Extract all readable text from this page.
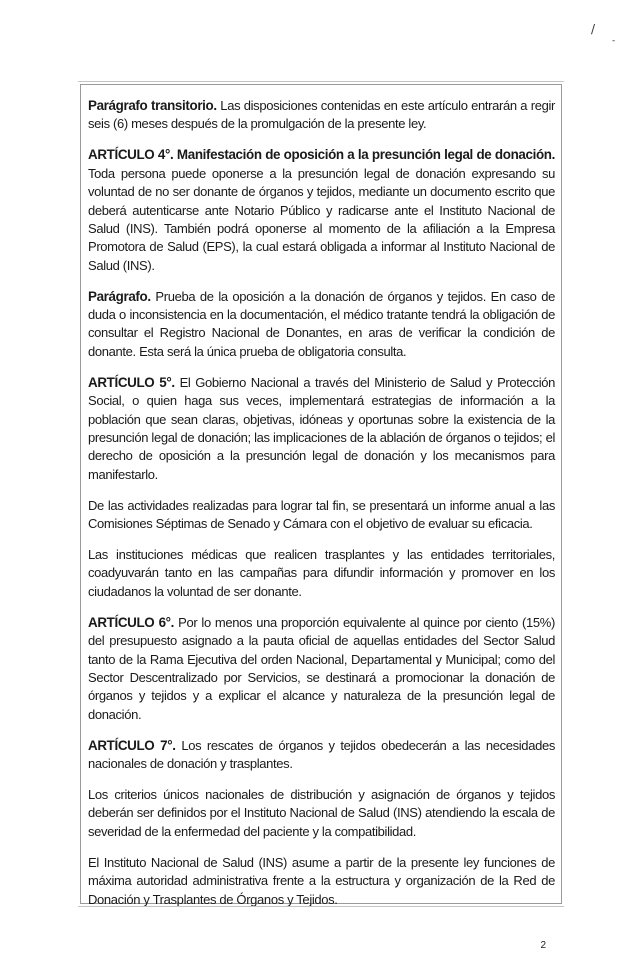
/
-

Parágrafo transitorio. Las disposiciones contenidas en este artículo entrarán a regir seis (6) meses después de la promulgación de la presente ley.

ARTÍCULO 4°. Manifestación de oposición a la presunción legal de donación. Toda persona puede oponerse a la presunción legal de donación expresando su voluntad de no ser donante de órganos y tejidos, mediante un documento escrito que deberá autenticarse ante Notario Público y radicarse ante el Instituto Nacional de Salud (INS). También podrá oponerse al momento de la afiliación a la Empresa Promotora de Salud (EPS), la cual estará obligada a informar al Instituto Nacional de Salud (INS).

Parágrafo. Prueba de la oposición a la donación de órganos y tejidos. En caso de duda o inconsistencia en la documentación, el médico tratante tendrá la obligación de consultar el Registro Nacional de Donantes, en aras de verificar la condición de donante. Esta será la única prueba de obligatoria consulta.

ARTÍCULO 5°. El Gobierno Nacional a través del Ministerio de Salud y Protección Social, o quien haga sus veces, implementará estrategias de información a la población que sean claras, objetivas, idóneas y oportunas sobre la existencia de la presunción legal de donación; las implicaciones de la ablación de órganos o tejidos; el derecho de oposición a la presunción legal de donación y los mecanismos para manifestarlo.

De las actividades realizadas para lograr tal fin, se presentará un informe anual a las Comisiones Séptimas de Senado y Cámara con el objetivo de evaluar su eficacia.

Las instituciones médicas que realicen trasplantes y las entidades territoriales, coadyuvarán tanto en las campañas para difundir información y promover en los ciudadanos la voluntad de ser donante.

ARTÍCULO 6°. Por lo menos una proporción equivalente al quince por ciento (15%) del presupuesto asignado a la pauta oficial de aquellas entidades del Sector Salud tanto de la Rama Ejecutiva del orden Nacional, Departamental y Municipal; como del Sector Descentralizado por Servicios, se destinará a promocionar la donación de órganos y tejidos y a explicar el alcance y naturaleza de la presunción legal de donación.

ARTÍCULO 7°. Los rescates de órganos y tejidos obedecerán a las necesidades nacionales de donación y trasplantes.

Los criterios únicos nacionales de distribución y asignación de órganos y tejidos deberán ser definidos por el Instituto Nacional de Salud (INS) atendiendo la escala de severidad de la enfermedad del paciente y la compatibilidad.

El Instituto Nacional de Salud (INS) asume a partir de la presente ley funciones de máxima autoridad administrativa frente a la estructura y organización de la Red de Donación y Trasplantes de Órganos y Tejidos.

2
